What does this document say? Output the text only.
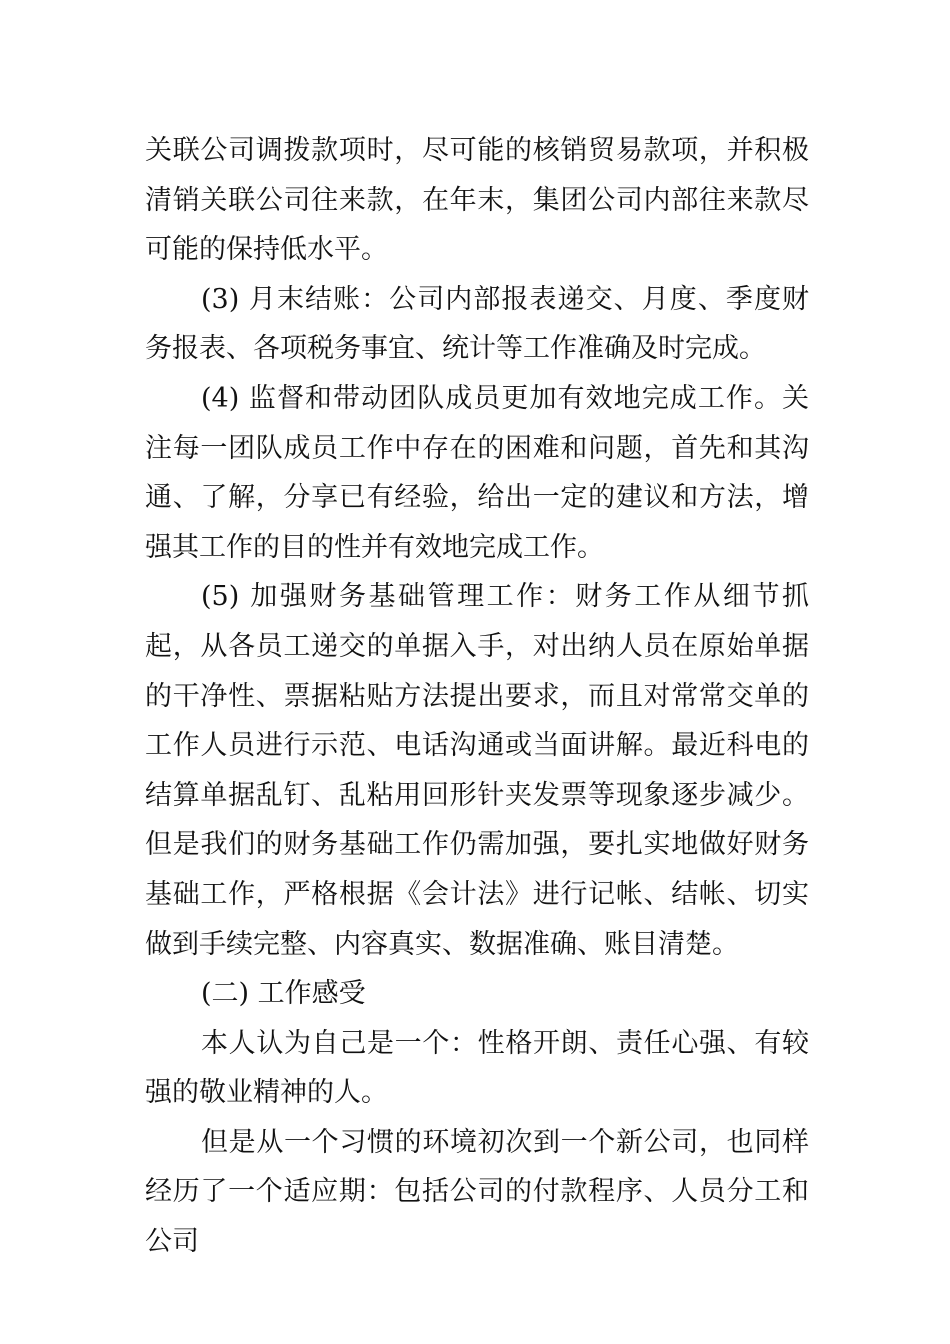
关联公司调拨款项时，尽可能的核销贸易款项，并积极清销关联公司往来款，在年末，集团公司内部往来款尽可能的保持低水平。

(3) 月末结账：公司内部报表递交、月度、季度财务报表、各项税务事宜、统计等工作准确及时完成。

(4) 监督和带动团队成员更加有效地完成工作。关注每一团队成员工作中存在的困难和问题，首先和其沟通、了解，分享已有经验，给出一定的建议和方法，增强其工作的目的性并有效地完成工作。

(5) 加强财务基础管理工作：财务工作从细节抓起，从各员工递交的单据入手，对出纳人员在原始单据的干净性、票据粘贴方法提出要求，而且对常常交单的工作人员进行示范、电话沟通或当面讲解。最近科电的结算单据乱钉、乱粘用回形针夹发票等现象逐步减少。但是我们的财务基础工作仍需加强，要扎实地做好财务基础工作，严格根据《会计法》进行记帐、结帐、切实做到手续完整、内容真实、数据准确、账目清楚。

(二) 工作感受

本人认为自己是一个：性格开朗、责任心强、有较强的敬业精神的人。

但是从一个习惯的环境初次到一个新公司，也同样经历了一个适应期：包括公司的付款程序、人员分工和公司
